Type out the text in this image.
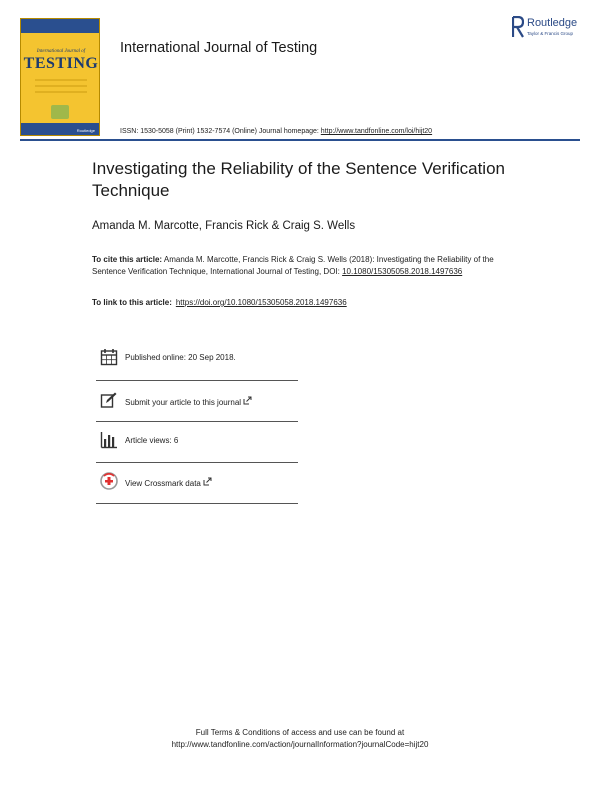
International Journal of
TESTING
Routledge
International Journal of Testing
Routledge
Taylor & Francis Group
ISSN: 1530-5058 (Print) 1532-7574 (Online) Journal homepage: http://www.tandfonline.com/loi/hijt20
Investigating the Reliability of the Sentence Verification Technique
Amanda M. Marcotte, Francis Rick & Craig S. Wells
To cite this article: Amanda M. Marcotte, Francis Rick & Craig S. Wells (2018): Investigating the Reliability of the Sentence Verification Technique, International Journal of Testing, DOI: 10.1080/15305058.2018.1497636
To link to this article: https://doi.org/10.1080/15305058.2018.1497636
Published online: 20 Sep 2018.
Submit your article to this journal
Article views: 6
View Crossmark data
Full Terms & Conditions of access and use can be found at
http://www.tandfonline.com/action/journalInformation?journalCode=hijt20
